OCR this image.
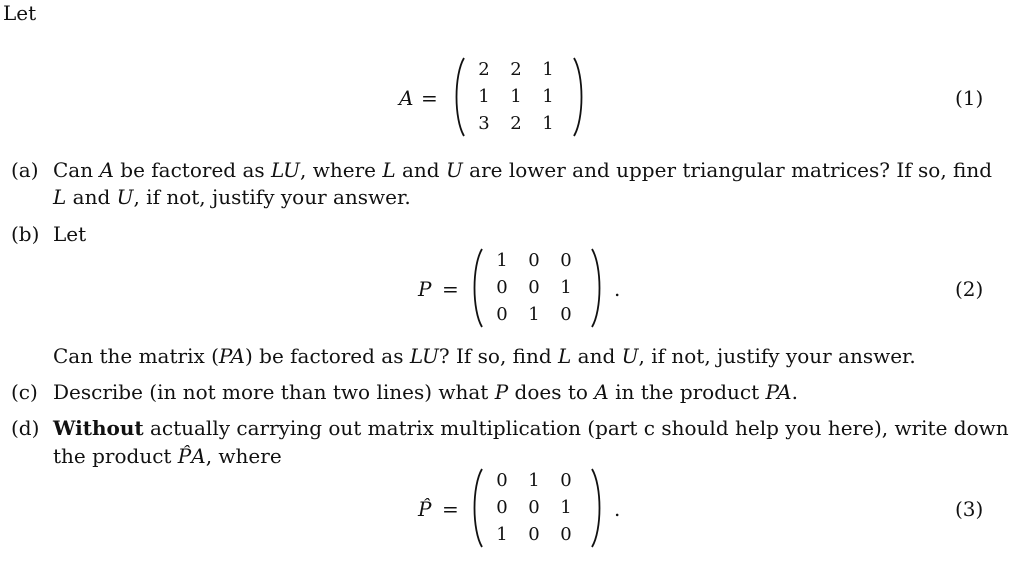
Let
A =
2 2 1
1 1 1
3 2 1
(1)
(a) Can A be factored as LU, where L and U are lower and upper triangular matrices? If so, find
L and U, if not, justify your answer.
(b) Let
P =
1 0 0
0 0 1
0 1 0
.	(2)
Can the matrix (PA) be factored as LU? If so, find L and U, if not, justify your answer.
(c) Describe (in not more than two lines) what P does to A in the product PA.
(d) Without actually carrying out matrix multiplication (part c should help you here), write down
the product P̂A, where
P̂ =
0 1 0
0 0 1
1 0 0
.	(3)
